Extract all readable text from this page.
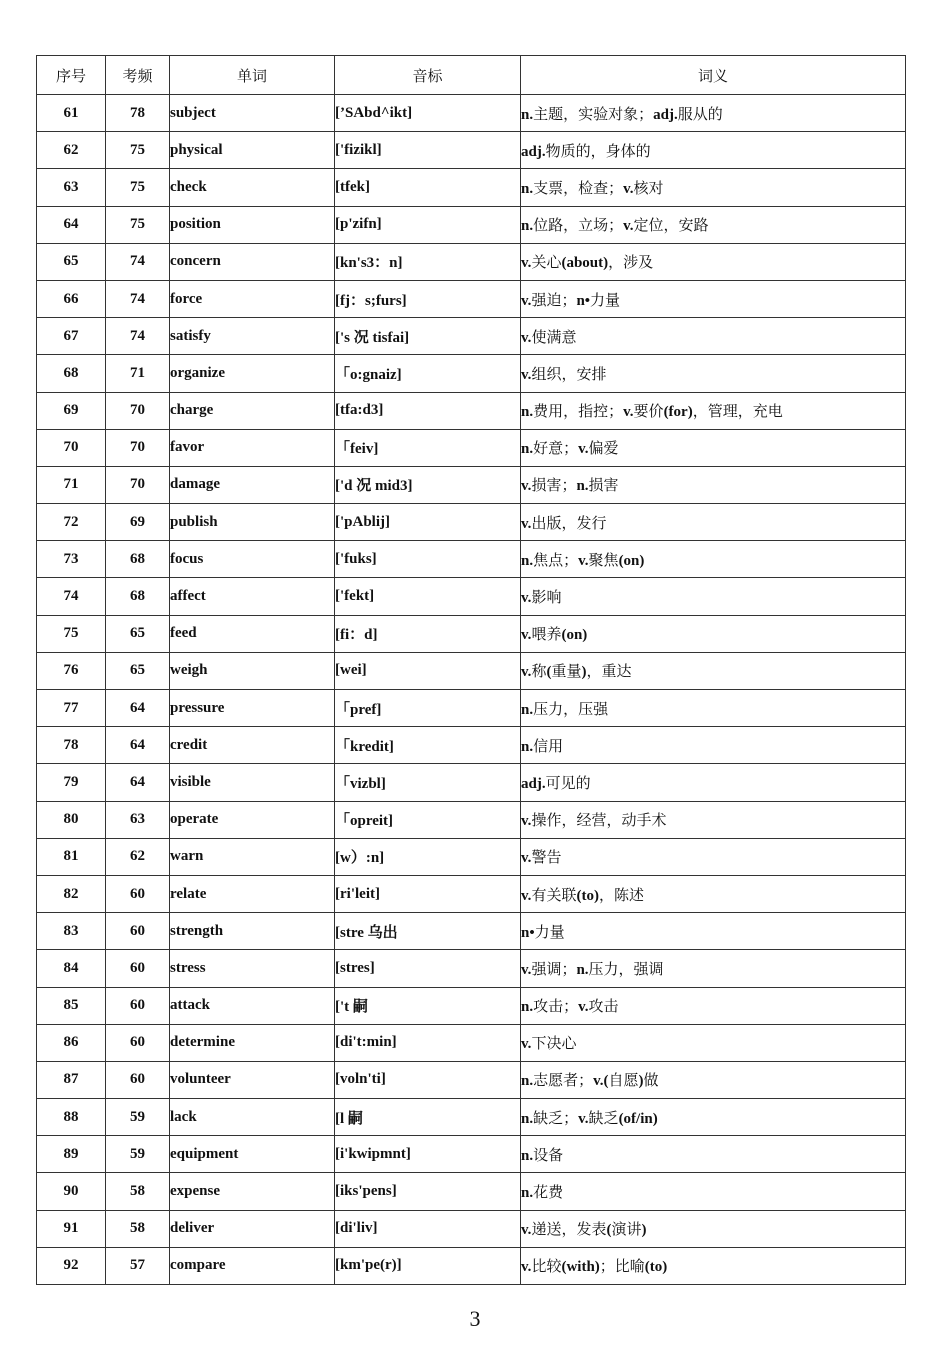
序号	考频	单词	音标	词义
61	78	subject	[’SAbd^ikt]	n.主题，实验对象；adj.服从的
62	75	physical	['fizikl]	adj.物质的，身体的
63	75	check	[tfek]	n.支票，检查；v.核对
64	75	position	[p'zifn]	n.位路，立场；v.定位，安路
65	74	concern	[kn's3：n]	v.关心(about)，涉及
66	74	force	[fj：s;furs]	v.强迫；n•力量
67	74	satisfy	['s 况 tisfai]	v.使满意
68	71	organize	「o:gnaiz]	v.组织，安排
69	70	charge	[tfa:d3]	n.费用，指控；v.要价(for)，管理，充电
70	70	favor	「feiv]	n.好意；v.偏爱
71	70	damage	['d 况 mid3]	v.损害；n.损害
72	69	publish	['pAblij]	v.出版，发行
73	68	focus	['fuks]	n.焦点；v.聚焦(on)
74	68	affect	['fekt]	v.影响
75	65	feed	[fi：d]	v.喂养(on)
76	65	weigh	[wei]	v.称(重量)，重达
77	64	pressure	「pref]	n.压力，压强
78	64	credit	「kredit]	n.信用
79	64	visible	「vizbl]	adj.可见的
80	63	operate	「opreit]	v.操作，经营，动手术
81	62	warn	[w）:n]	v.警告
82	60	relate	[ri'leit]	v.有关联(to)，陈述
83	60	strength	[stre 乌出	n•力量
84	60	stress	[stres]	v.强调；n.压力，强调
85	60	attack	['t 嗣	n.攻击；v.攻击
86	60	determine	[di't:min]	v.下决心
87	60	volunteer	[voln'ti]	n.志愿者；v.(自愿)做
88	59	lack	[l 嗣	n.缺乏；v.缺乏(of/in)
89	59	equipment	[i'kwipmnt]	n.设备
90	58	expense	[iks'pens]	n.花费
91	58	deliver	[di'liv]	v.递送，发表(演讲)
92	57	compare	[km'pe(r)]	v.比较(with)；比喻(to)
3
